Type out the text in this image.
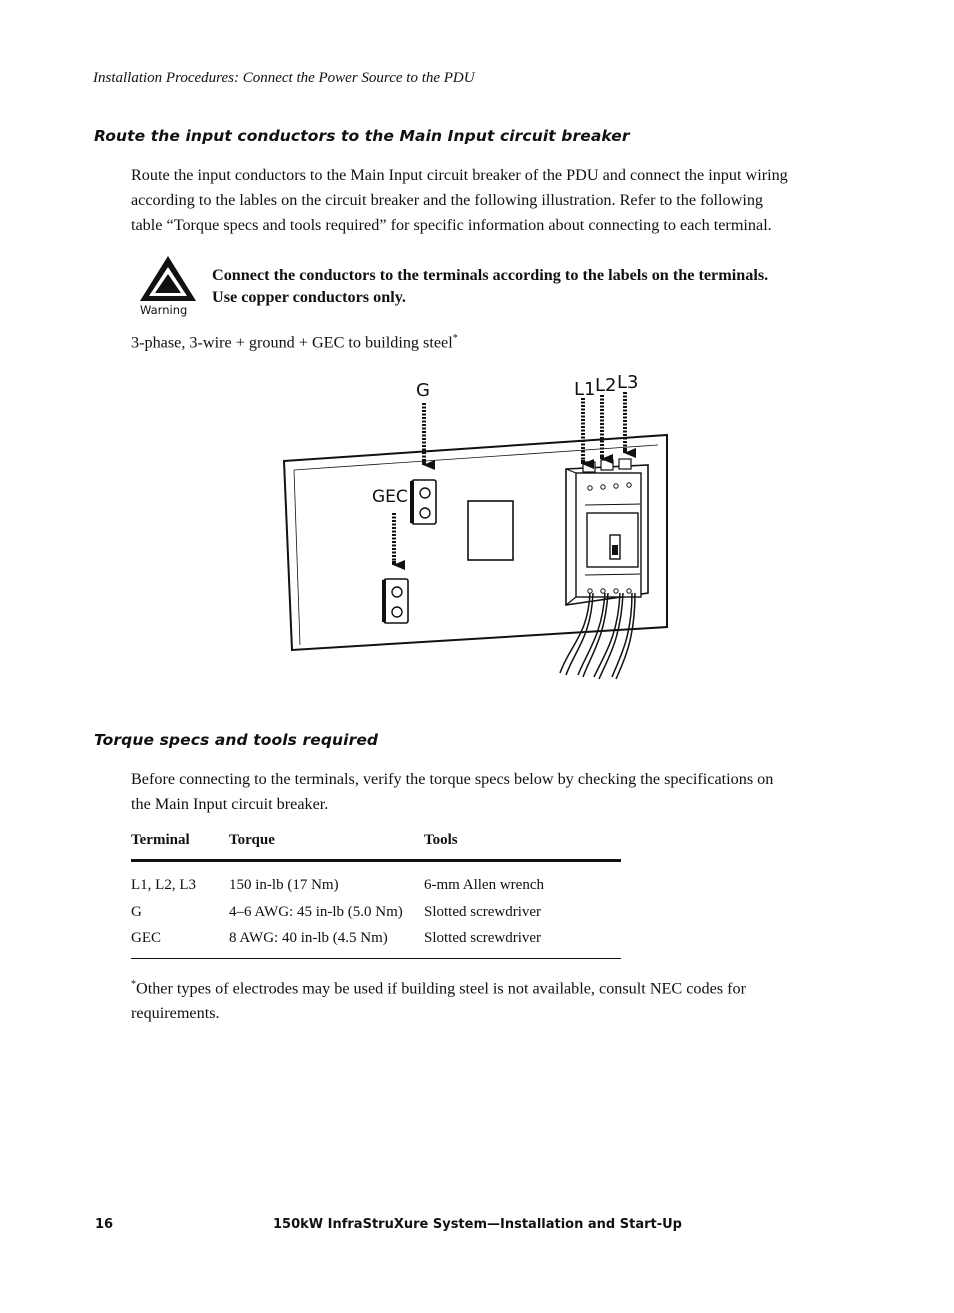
Installation Procedures: Connect the Power Source to the PDU
Route the input conductors to the Main Input circuit breaker
Route the input conductors to the Main Input circuit breaker of the PDU and connect the input wiring
according to the lables on the circuit breaker and the following illustration. Refer to the following
table “Torque specs and tools required” for specific information about connecting to each terminal.
Warning
Connect the conductors to the terminals according to the labels on the terminals.
Use copper conductors only.
3-phase, 3-wire + ground + GEC to building steel*
G
GEC
L1 L2 L3
Torque specs and tools required
Before connecting to the terminals, verify the torque specs below by checking the specifications on
the Main Input circuit breaker.
Terminal	Torque	Tools
L1, L2, L3	150 in-lb (17 Nm)	6-mm Allen wrench
G	4–6 AWG: 45 in-lb (5.0 Nm)	Slotted screwdriver
GEC	8 AWG: 40 in-lb (4.5 Nm)	Slotted screwdriver
*Other types of electrodes may be used if building steel is not available, consult NEC codes for
requirements.
16	150kW InfraStruXure System—Installation and Start-Up
